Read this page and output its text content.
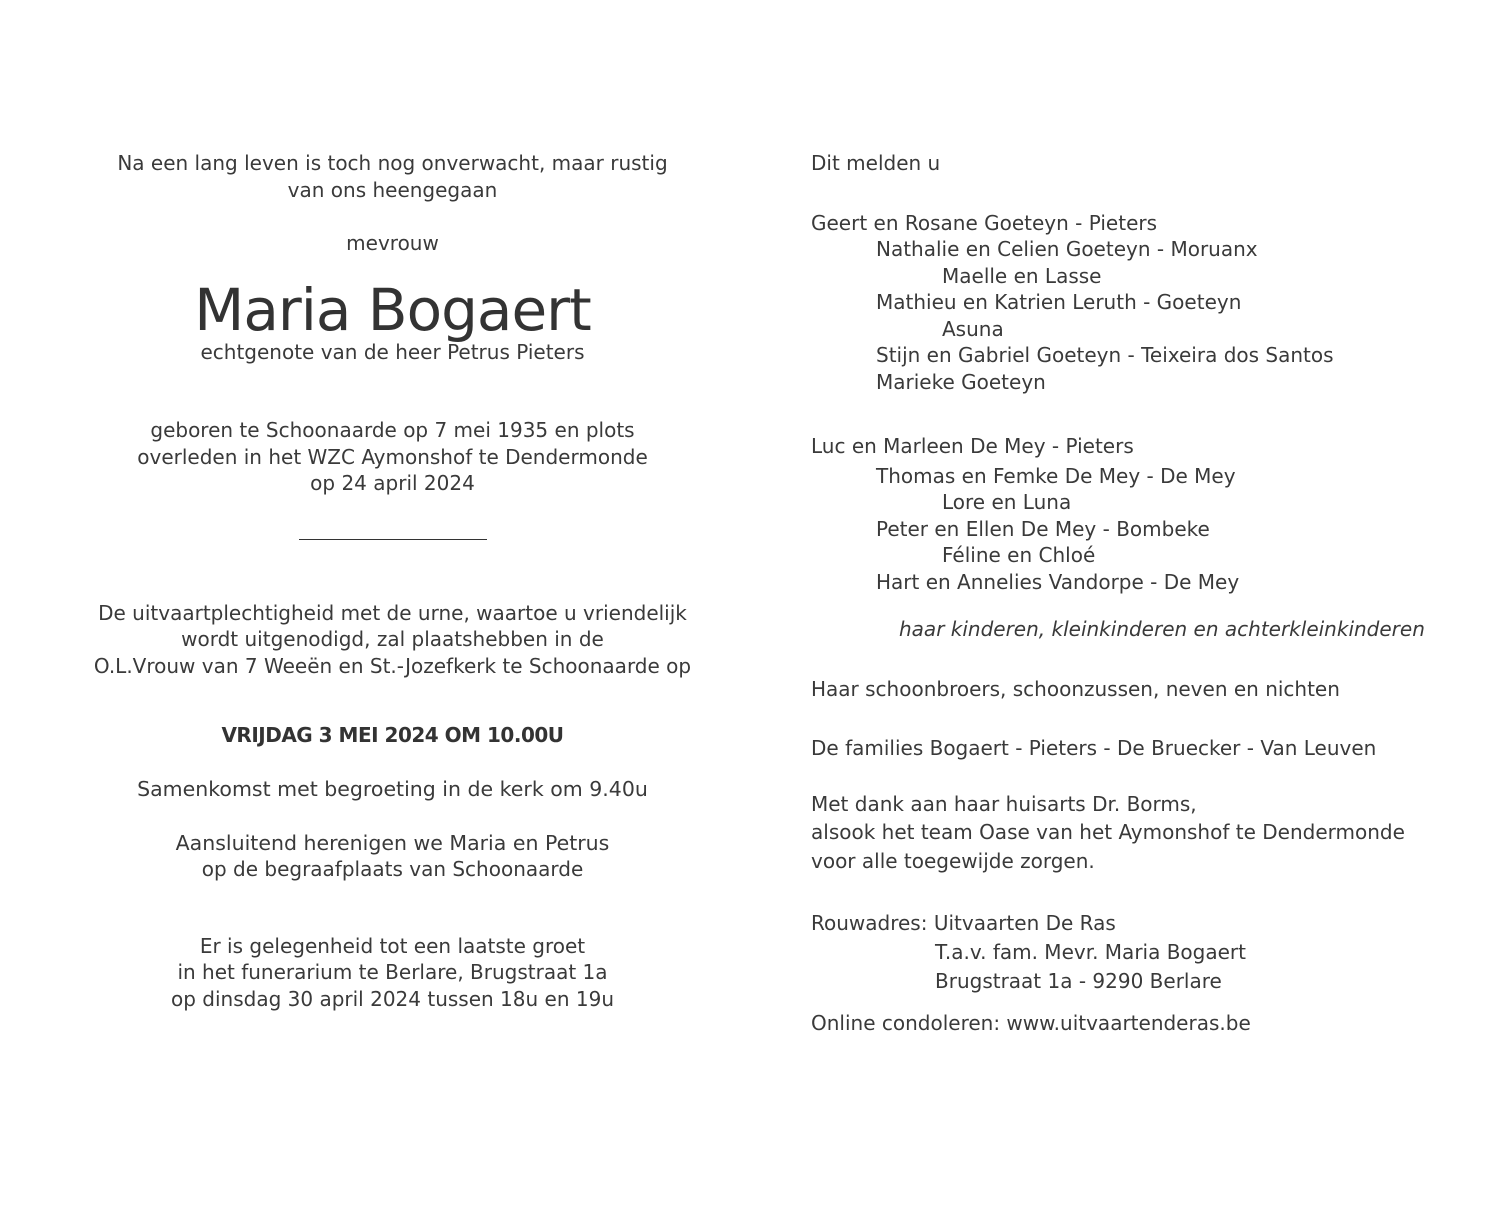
Na een lang leven is toch nog onverwacht, maar rustig
van ons heengegaan
mevrouw
Maria Bogaert
echtgenote van de heer Petrus Pieters
geboren te Schoonaarde op 7 mei 1935 en plots
overleden in het WZC Aymonshof te Dendermonde
op 24 april 2024
De uitvaartplechtigheid met de urne, waartoe u vriendelijk
wordt uitgenodigd, zal plaatshebben in de
O.L.Vrouw van 7 Weeën en St.-Jozefkerk te Schoonaarde op
VRIJDAG 3 MEI 2024 OM 10.00U
Samenkomst met begroeting in de kerk om 9.40u
Aansluitend herenigen we Maria en Petrus
op de begraafplaats van Schoonaarde
Er is gelegenheid tot een laatste groet
in het funerarium te Berlare, Brugstraat 1a
op dinsdag 30 april 2024 tussen 18u en 19u
Dit melden u
Geert en Rosane Goeteyn - Pieters
Nathalie en Celien Goeteyn - Moruanx
Maelle en Lasse
Mathieu en Katrien Leruth - Goeteyn
Asuna
Stijn en Gabriel Goeteyn - Teixeira dos Santos
Marieke Goeteyn
Luc en Marleen De Mey - Pieters
Thomas en Femke De Mey - De Mey
Lore en Luna
Peter en Ellen De Mey - Bombeke
Féline en Chloé
Hart en Annelies Vandorpe - De Mey
haar kinderen, kleinkinderen en achterkleinkinderen
Haar schoonbroers, schoonzussen, neven en nichten
De families Bogaert - Pieters - De Bruecker - Van Leuven
Met dank aan haar huisarts Dr. Borms,
alsook het team Oase van het Aymonshof te Dendermonde
voor alle toegewijde zorgen.
Rouwadres: Uitvaarten De Ras
T.a.v. fam. Mevr. Maria Bogaert
Brugstraat 1a - 9290 Berlare
Online condoleren: www.uitvaartenderas.be
